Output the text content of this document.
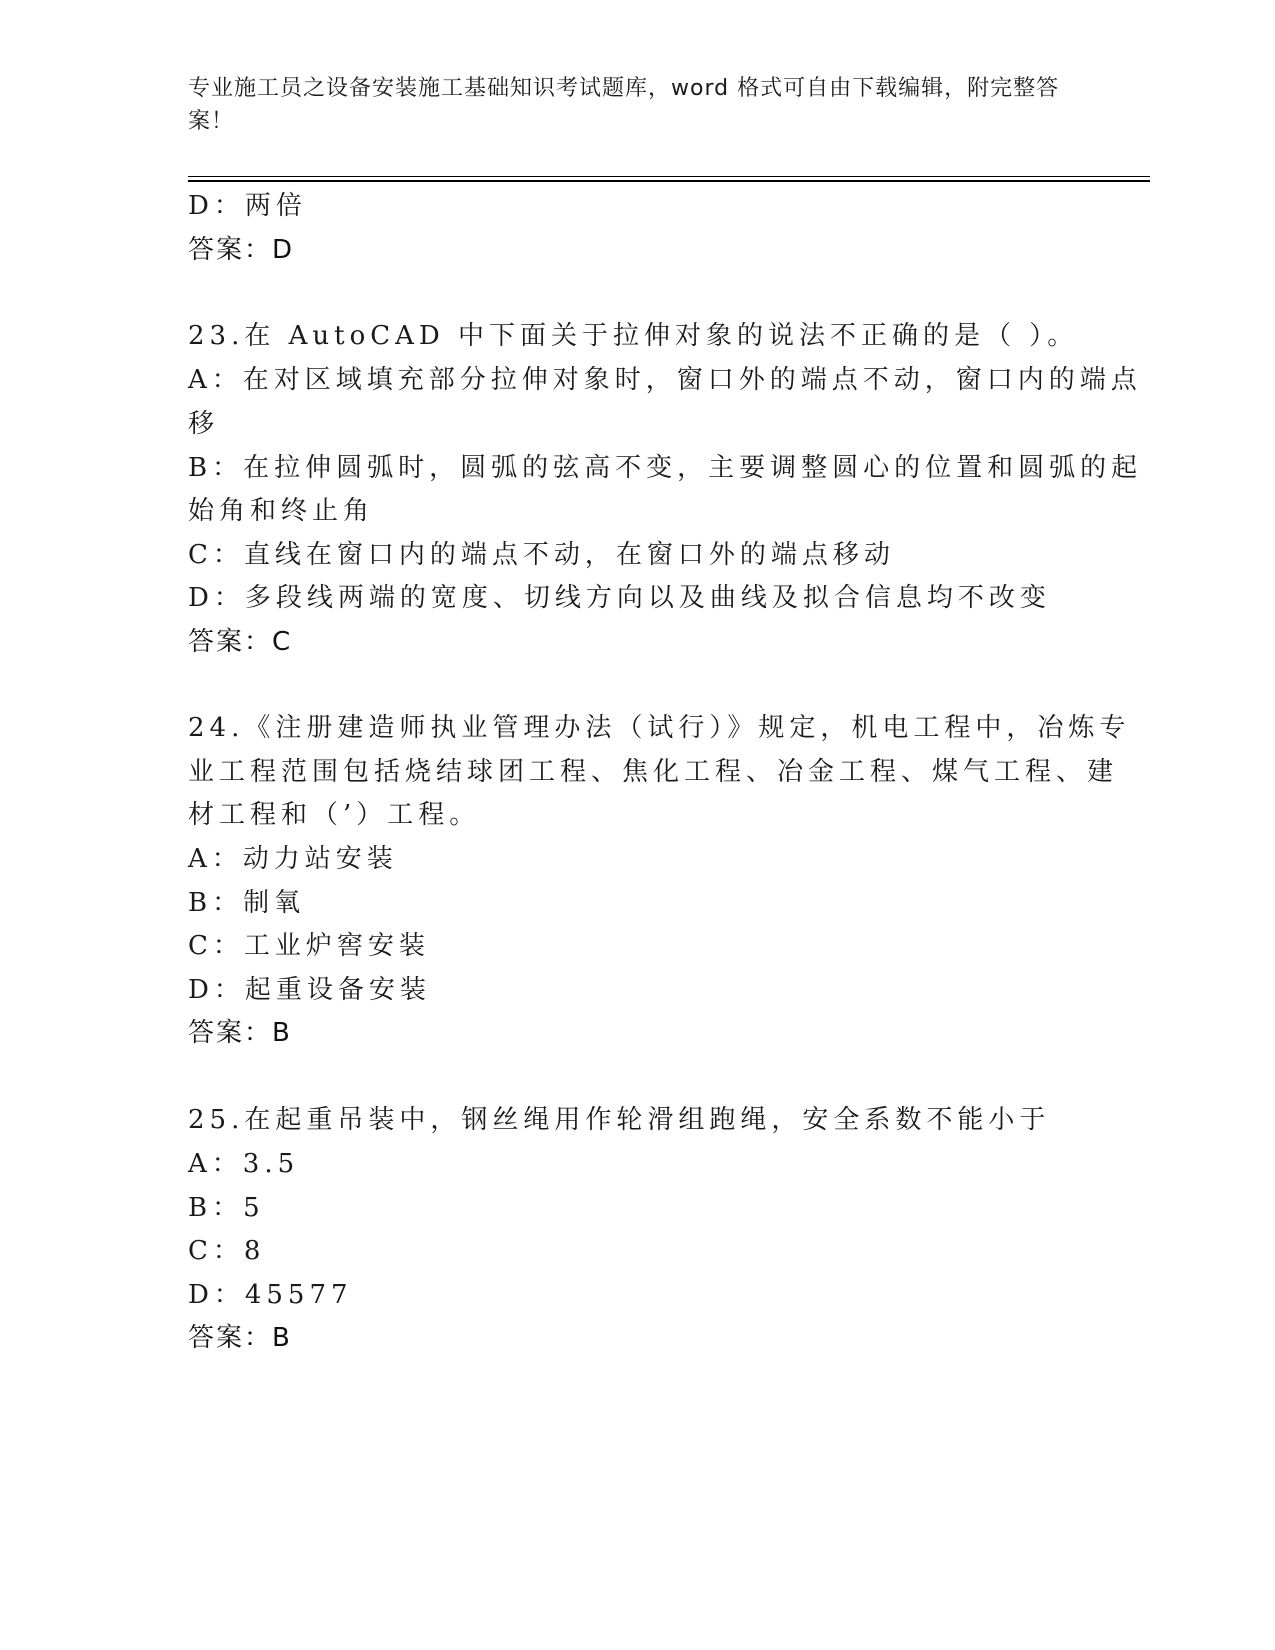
专业施工员之设备安装施工基础知识考试题库，word 格式可自由下载编辑，附完整答案！
D：两倍
答案：D
23.在 AutoCAD 中下面关于拉伸对象的说法不正确的是（ ）。
A：在对区域填充部分拉伸对象时，窗口外的端点不动，窗口内的端点
移
B：在拉伸圆弧时，圆弧的弦高不变，主要调整圆心的位置和圆弧的起
始角和终止角
C：直线在窗口内的端点不动，在窗口外的端点移动
D：多段线两端的宽度、切线方向以及曲线及拟合信息均不改变
答案：C
24.《注册建造师执业管理办法（试行）》规定，机电工程中，冶炼专
业工程范围包括烧结球团工程、焦化工程、冶金工程、煤气工程、建
材工程和（’）工程。
A：动力站安装
B：制氧
C：工业炉窖安装
D：起重设备安装
答案：B
25.在起重吊装中，钢丝绳用作轮滑组跑绳，安全系数不能小于
A：3.5
B：5
C：8
D：45577
答案：B
